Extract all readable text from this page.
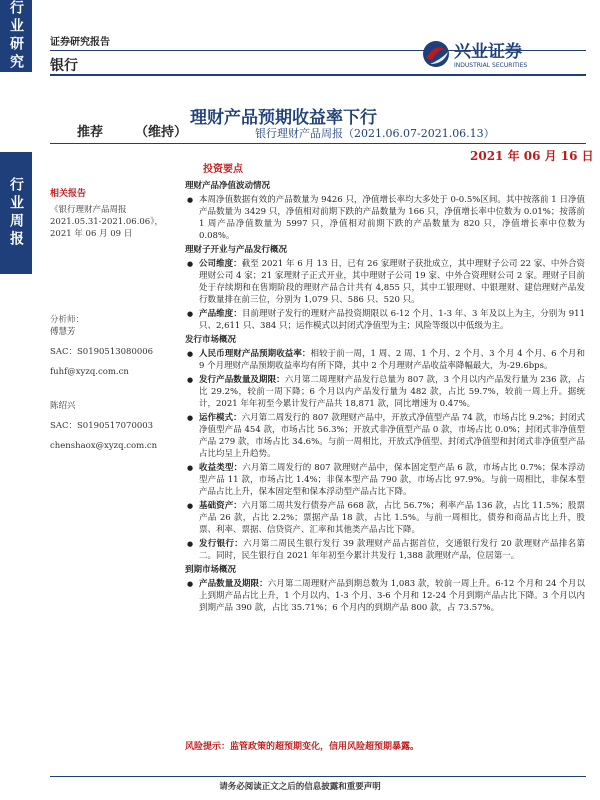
行业研究
行业周报
证券研究报告
银行
兴业证券
INDUSTRIAL SECURITIES
理财产品预期收益率下行
推荐 （维持）	银行理财产品周报（2021.06.07-2021.06.13）
2021 年 06 月 16 日
相关报告
《银行理财产品周报 2021.05.31-2021.06.06》，2021 年 06 月 09 日
分析师：
傅慧芳
SAC：S0190513080006
fuhf@xyzq.com.cn
陈绍兴
SAC：S0190517070003
chenshaox@xyzq.com.cn
投资要点
理财产品净值波动情况
● 本周净值数据有效的产品数量为 9426 只，净值增长率均大多处于 0-0.5%区间。其中按落前 1 日净值产品数量为 3429 只，净值相对前期下跌的产品数量为 166 只，净值增长率中位数为 0.01%；按落前 1 周产品净值数量为 5997 只，净值相对前期下跌的产品数量为 820 只，净值增长率中位数为 0.08%。
理财子开业与产品发行概况
● 公司维度：截至 2021 年 6 月 13 日，已有 26 家理财子获批成立，其中理财子公司 22 家、中外合资理财公司 4 家；21 家理财子正式开业，其中理财子公司 19 家、中外合资理财公司 2 家。理财子目前处于存续期和在售期阶段的理财产品合计共有 4,855 只，其中工银理财、中银理财、建信理财产品发行数量排在前三位，分别为 1,079 只、586 只、520 只。
● 产品维度：目前理财子发行的理财产品投资期限以 6-12 个月、1-3 年、3 年及以上为主，分别为 911 只、2,611 只、384 只；运作模式以封闭式净值型为主；风险等级以中低级为主。
发行市场概况
● 人民币理财产品预期收益率：相较于前一周，1 周、2 周、1 个月、2 个月、3 个月 4 个月、6 个月和 9 个月理财产品预期收益率均有所下降，其中 2 个月理财产品收益率降幅最大，为-29.6bps。
● 发行产品数量及期限：六月第二周理财产品发行总量为 807 款，3 个月以内产品发行量为 236 款，占比 29.2%，较前一周下降；6 个月以内产品发行量为 482 款，占比 59.7%，较前一周上升。据统计，2021 年年初至今累计发行产品共 18,871 款，同比增速为 0.47%。
● 运作模式：六月第二周发行的 807 款理财产品中，开放式净值型产品 74 款，市场占比 9.2%；封闭式净值型产品 454 款，市场占比 56.3%；开放式非净值型产品 0 款，市场占比 0.0%；封闭式非净值型产品 279 款，市场占比 34.6%。与前一周相比，开放式净值型、封闭式净值型和封闭式非净值型产品占比均呈上升趋势。
● 收益类型：六月第二周发行的 807 款理财产品中，保本固定型产品 6 款，市场占比 0.7%；保本浮动型产品 11 款，市场占比 1.4%；非保本型产品 790 款，市场占比 97.9%。与前一周相比，非保本型产品占比上升，保本固定型和保本浮动型产品占比下降。
● 基础资产：六月第二周共发行债券产品 668 款，占比 56.7%；利率产品 136 款，占比 11.5%；股票产品 26 款，占比 2.2%；票据产品 18 款，占比 1.5%。与前一周相比，债券和商品占比上升，股票、利率、票据、信贷资产、汇率和其他类产品占比下降。
● 发行银行：六月第二周民生银行发行 39 款理财产品占据首位，交通银行发行 20 款理财产品排名第二。同时，民生银行自 2021 年年初至今累计共发行 1,388 款理财产品，位居第一。
到期市场概况
● 产品数量及期限：六月第二周理财产品到期总数为 1,083 款，较前一周上升。6-12 个月和 24 个月以上到期产品占比上升，1 个月以内、1-3 个月、3-6 个月和 12-24 个月到期产品占比下降。3 个月以内到期产品 390 款，占比 35.71%；6 个月内的到期产品 800 款，占 73.57%。
风险提示：监管政策的超预期变化，信用风险超预期暴露。
请务必阅读正文之后的信息披露和重要声明
